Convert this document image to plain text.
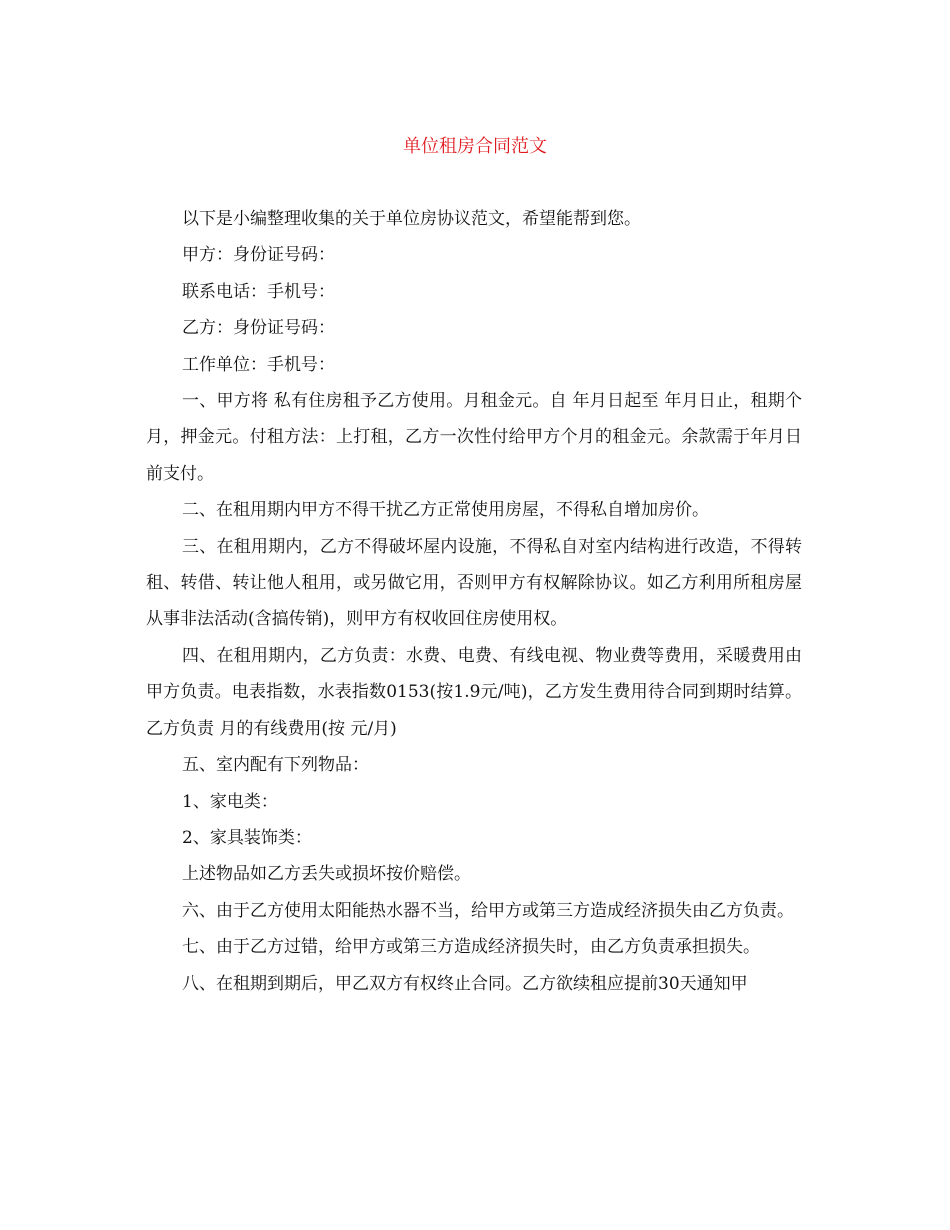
单位租房合同范文

以下是小编整理收集的关于单位房协议范文，希望能帮到您。

甲方：身份证号码：

联系电话：手机号：

乙方：身份证号码：

工作单位：手机号：

一、甲方将 私有住房租予乙方使用。月租金元。自 年月日起至 年月日止，租期个月，押金元。付租方法：上打租，乙方一次性付给甲方个月的租金元。余款需于年月日前支付。

二、在租用期内甲方不得干扰乙方正常使用房屋，不得私自增加房价。

三、在租用期内，乙方不得破坏屋内设施，不得私自对室内结构进行改造，不得转租、转借、转让他人租用，或另做它用，否则甲方有权解除协议。如乙方利用所租房屋从事非法活动(含搞传销)，则甲方有权收回住房使用权。

四、在租用期内，乙方负责：水费、电费、有线电视、物业费等费用，采暖费用由甲方负责。电表指数，水表指数0153(按1.9元/吨)，乙方发生费用待合同到期时结算。乙方负责 月的有线费用(按 元/月)

五、室内配有下列物品：

1、家电类：

2、家具装饰类：

上述物品如乙方丢失或损坏按价赔偿。

六、由于乙方使用太阳能热水器不当，给甲方或第三方造成经济损失由乙方负责。

七、由于乙方过错，给甲方或第三方造成经济损失时，由乙方负责承担损失。

八、在租期到期后，甲乙双方有权终止合同。乙方欲续租应提前30天通知甲
